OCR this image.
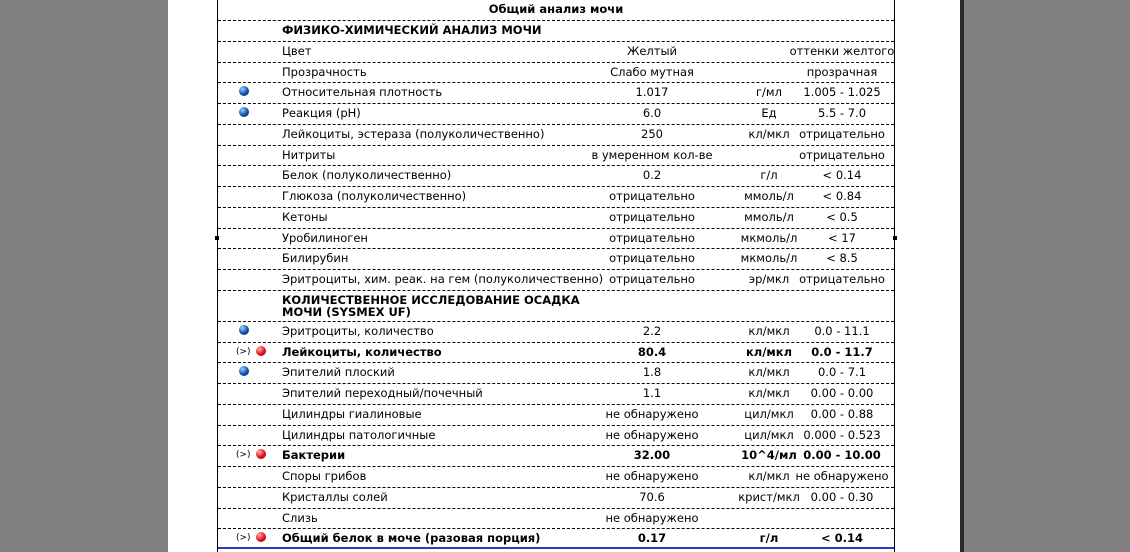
Общий анализ мочи
ФИЗИКО-ХИМИЧЕСКИЙ АНАЛИЗ МОЧИ
Цвет	Желтый	оттенки желтого
Прозрачность	Слабо мутная	прозрачная
Относительная плотность	1.017	г/мл	1.005 - 1.025
Реакция (pH)	6.0	Ед	5.5 - 7.0
Лейкоциты, эстераза (полуколичественно)	250	кл/мкл отрицательно
Нитриты	в умеренном кол-ве	отрицательно
Белок (полуколичественно)	0.2	г/л	< 0.14
Глюкоза (полуколичественно)	отрицательно	ммоль/л	< 0.84
Кетоны	отрицательно	ммоль/л	< 0.5
Уробилиноген	отрицательно	мкмоль/л	< 17
Билирубин	отрицательно	мкмоль/л	< 8.5
Эритроциты, хим. реак. на гем (полуколичественно) отрицательно	эр/мкл отрицательно
КОЛИЧЕСТВЕННОЕ ИССЛЕДОВАНИЕ ОСАДКА МОЧИ (SYSMEX UF)
Эритроциты, количество	2.2	кл/мкл	0.0 - 11.1
(>)	Лейкоциты, количество	80.4	кл/мкл	0.0 - 11.7
Эпителий плоский	1.8	кл/мкл	0.0 - 7.1
Эпителий переходный/почечный	1.1	кл/мкл	0.00 - 0.00
Цилиндры гиалиновые	не обнаружено	цил/мкл	0.00 - 0.88
Цилиндры патологичные	не обнаружено	цил/мкл 0.000 - 0.523
(>)	Бактерии	32.00	10^4/мл 0.00 - 10.00
Споры грибов	не обнаружено	кл/мкл не обнаружено
Кристаллы солей	70.6	крист/мкл 0.00 - 0.30
Слизь	не обнаружено
(>)	Общий белок в моче (разовая порция)	0.17	г/л	< 0.14
